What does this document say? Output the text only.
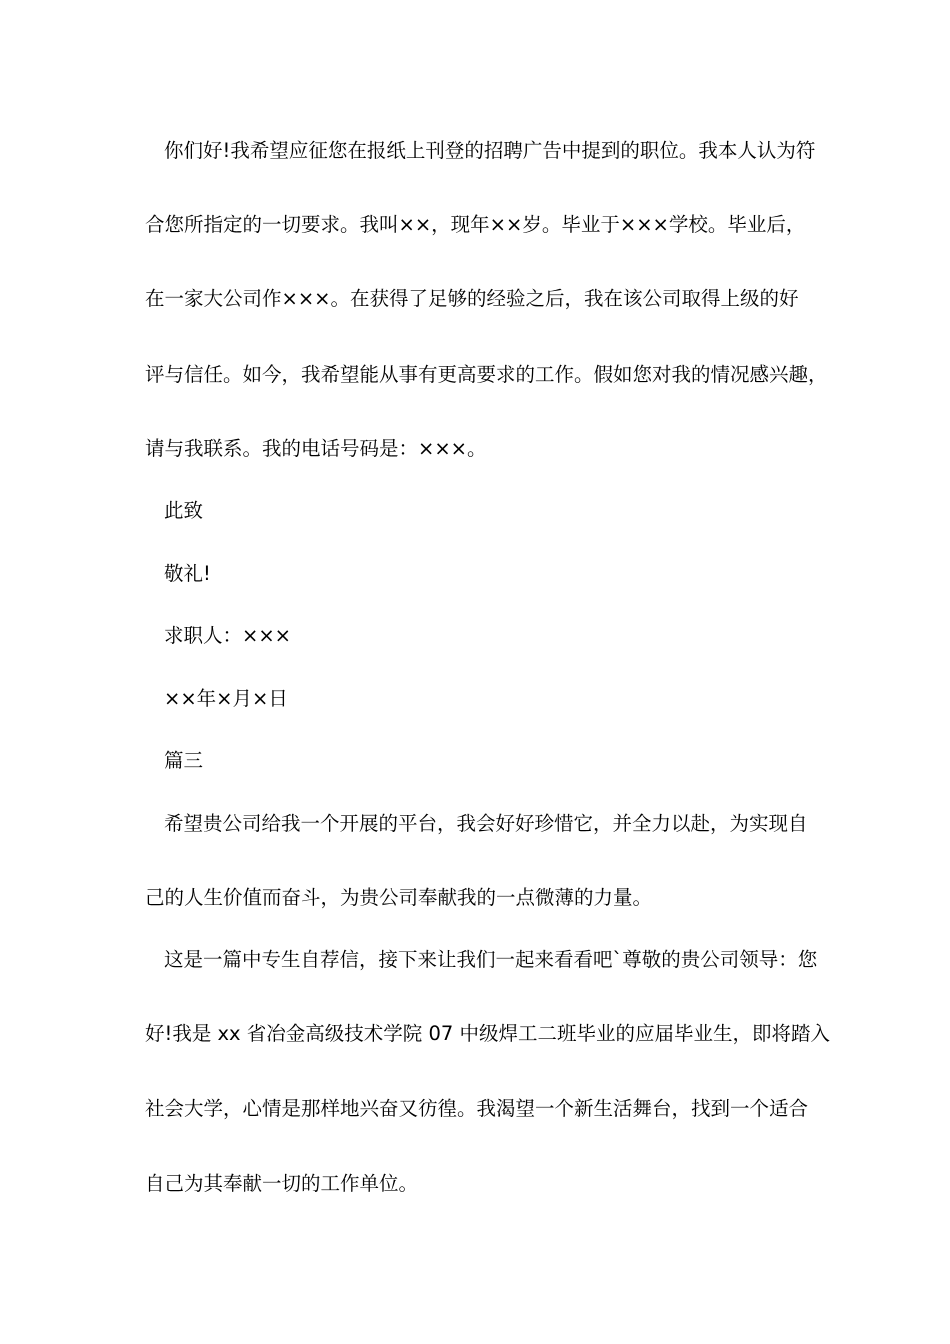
你们好!我希望应征您在报纸上刊登的招聘广告中提到的职位。我本人认为符
合您所指定的一切要求。我叫××，现年××岁。毕业于×××学校。毕业后，
在一家大公司作×××。在获得了足够的经验之后，我在该公司取得上级的好
评与信任。如今，我希望能从事有更高要求的工作。假如您对我的情况感兴趣，
请与我联系。我的电话号码是：×××。
此致
敬礼!
求职人：×××
××年×月×日
篇三
希望贵公司给我一个开展的平台，我会好好珍惜它，并全力以赴，为实现自
己的人生价值而奋斗，为贵公司奉献我的一点微薄的力量。
这是一篇中专生自荐信，接下来让我们一起来看看吧`尊敬的贵公司领导：您
好!我是 xx 省冶金高级技术学院 07 中级焊工二班毕业的应届毕业生，即将踏入
社会大学，心情是那样地兴奋又彷徨。我渴望一个新生活舞台，找到一个适合
自己为其奉献一切的工作单位。
